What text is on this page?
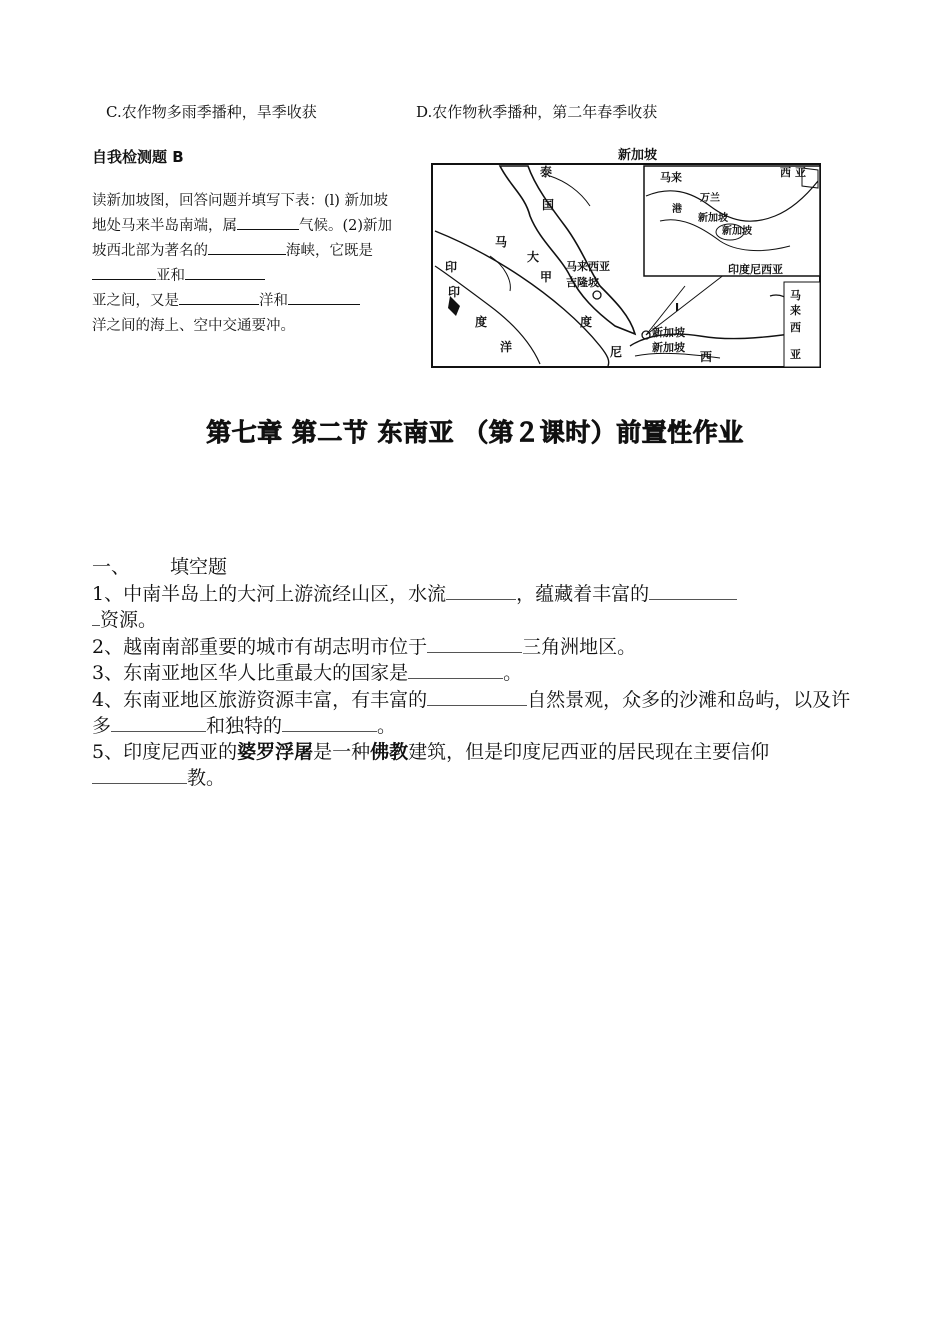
C.农作物多雨季播种，旱季收获	D.农作物秋季播种，第二年春季收获
自我检测题 B
读新加坡图，回答问题并填写下表：(l) 新加坡地处马来半岛南端，属	气候。(2)新加坡西北部为著名的	海峡，它既是亚和
亚之间，又是	洋和
洋之间的海上、空中交通要冲。
新加坡
泰
国
马
大
甲
印
度
尼
印
度
洋
马来西亚
吉隆坡
新加坡
新加坡
西
I
马来	西 亚
新加坡
新加坡
万兰
港
印度尼西亚
马
来
西
亚
第七章 第二节 东南亚 （第２课时）前置性作业

一、 填空题

1、中南半岛上的大河上游流经山区，水流	，蕴藏着丰富的
资源。

2、越南南部重要的城市有胡志明市位于	三角洲地区。

3、东南亚地区华人比重最大的国家是	。

4、东南亚地区旅游资源丰富，有丰富的	自然景观，众多的沙滩和岛屿，以及许多	和独特的	。

5、印度尼西亚的婆罗浮屠是一种佛教建筑，但是印度尼西亚的居民现在主要信仰教。
